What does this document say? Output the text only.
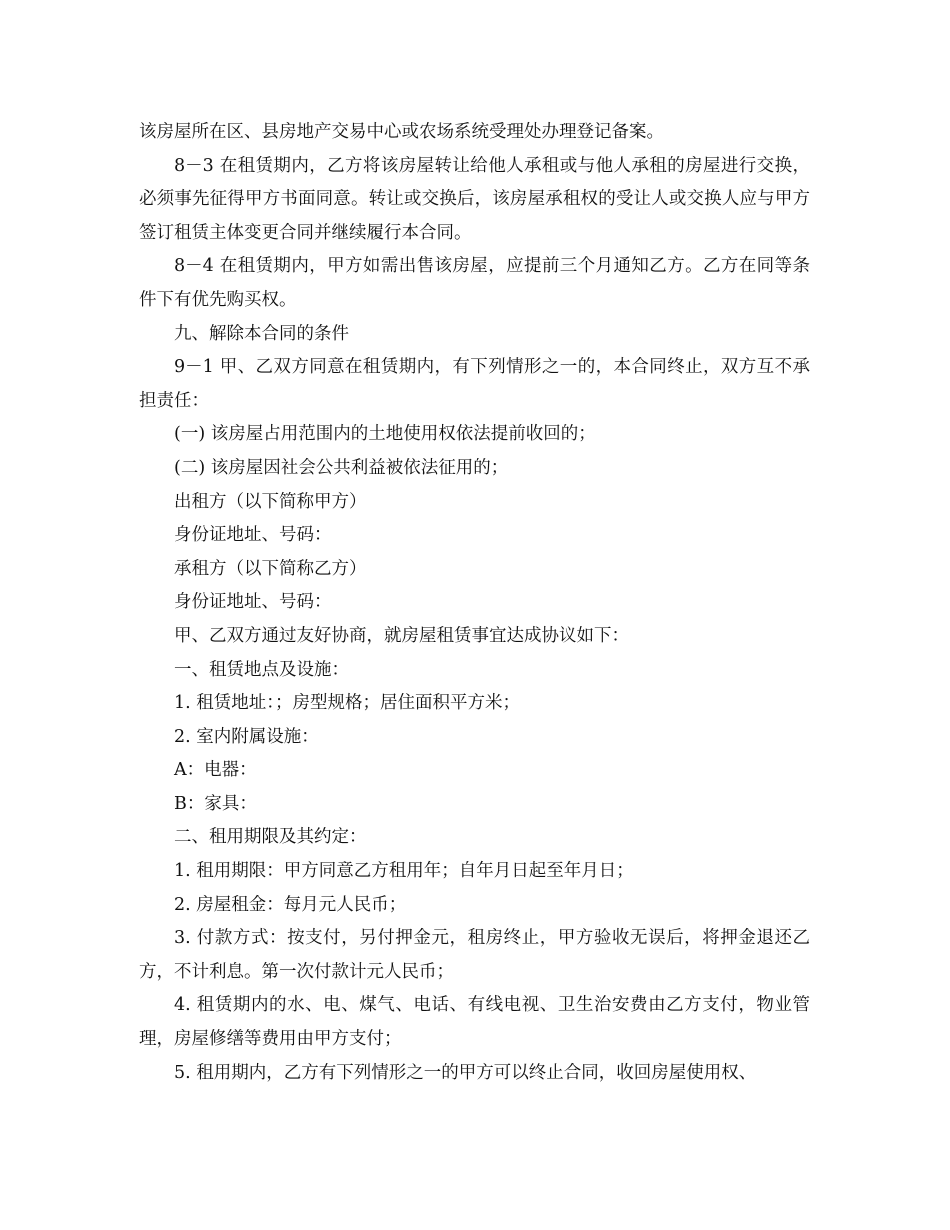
该房屋所在区、县房地产交易中心或农场系统受理处办理登记备案。

8－3 在租赁期内，乙方将该房屋转让给他人承租或与他人承租的房屋进行交换，必须事先征得甲方书面同意。转让或交换后，该房屋承租权的受让人或交换人应与甲方签订租赁主体变更合同并继续履行本合同。

8－4 在租赁期内，甲方如需出售该房屋，应提前三个月通知乙方。乙方在同等条件下有优先购买权。

九、解除本合同的条件

9－1 甲、乙双方同意在租赁期内，有下列情形之一的，本合同终止，双方互不承担责任：

(一) 该房屋占用范围内的土地使用权依法提前收回的；

(二) 该房屋因社会公共利益被依法征用的；

出租方（以下简称甲方）

身份证地址、号码：

承租方（以下简称乙方）

身份证地址、号码：

甲、乙双方通过友好协商，就房屋租赁事宜达成协议如下：

一、租赁地点及设施：

1. 租赁地址：；房型规格；居住面积平方米；

2. 室内附属设施：

A：电器：

B：家具：

二、租用期限及其约定：

1. 租用期限：甲方同意乙方租用年；自年月日起至年月日；

2. 房屋租金：每月元人民币；

3. 付款方式：按支付，另付押金元，租房终止，甲方验收无误后，将押金退还乙方，不计利息。第一次付款计元人民币；

4. 租赁期内的水、电、煤气、电话、有线电视、卫生治安费由乙方支付，物业管理，房屋修缮等费用由甲方支付；

5. 租用期内，乙方有下列情形之一的甲方可以终止合同，收回房屋使用权、
